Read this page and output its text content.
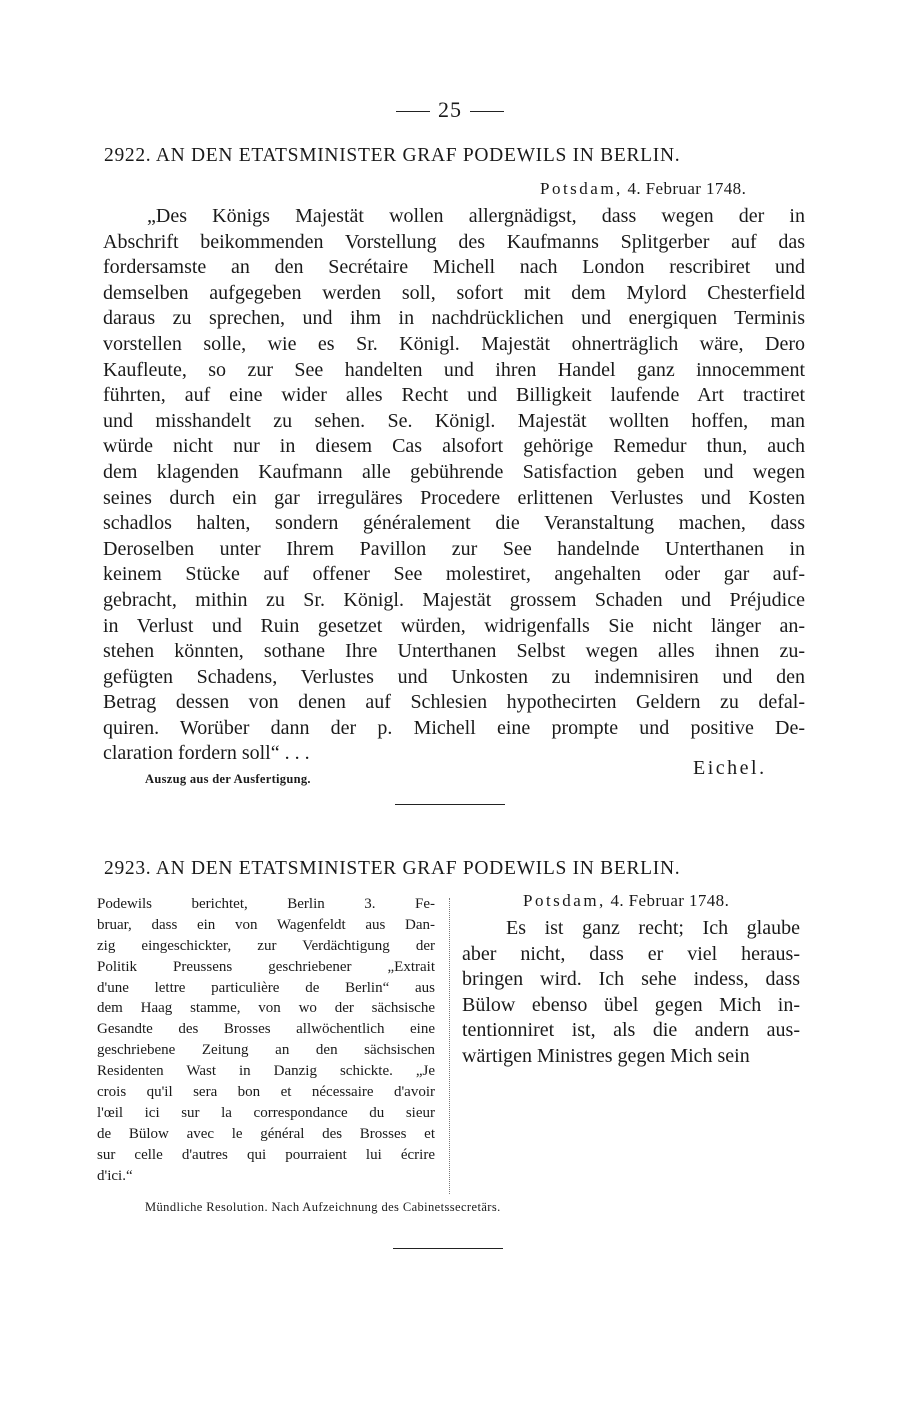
25
2922. AN DEN ETATSMINISTER GRAF PODEWILS IN BERLIN.
Potsdam, 4. Februar 1748.
„Des Königs Majestät wollen allergnädigst, dass wegen der in
Abschrift beikommenden Vorstellung des Kaufmanns Splitgerber auf das
fordersamste an den Secrétaire Michell nach London rescribiret und
demselben aufgegeben werden soll, sofort mit dem Mylord Chesterfield
daraus zu sprechen, und ihm in nachdrücklichen und energiquen Terminis
vorstellen solle, wie es Sr. Königl. Majestät ohnerträglich wäre, Dero
Kaufleute, so zur See handelten und ihren Handel ganz innocemment
führten, auf eine wider alles Recht und Billigkeit laufende Art tractiret
und misshandelt zu sehen. Se. Königl. Majestät wollten hoffen, man
würde nicht nur in diesem Cas alsofort gehörige Remedur thun, auch
dem klagenden Kaufmann alle gebührende Satisfaction geben und wegen
seines durch ein gar irreguläres Procedere erlittenen Verlustes und Kosten
schadlos halten, sondern généralement die Veranstaltung machen, dass
Deroselben unter Ihrem Pavillon zur See handelnde Unterthanen in
keinem Stücke auf offener See molestiret, angehalten oder gar auf-
gebracht, mithin zu Sr. Königl. Majestät grossem Schaden und Préjudice
in Verlust und Ruin gesetzet würden, widrigenfalls Sie nicht länger an-
stehen könnten, sothane Ihre Unterthanen Selbst wegen alles ihnen zu-
gefügten Schadens, Verlustes und Unkosten zu indemnisiren und den
Betrag dessen von denen auf Schlesien hypothecirten Geldern zu defal-
quiren. Worüber dann der p. Michell eine prompte und positive De-
claration fordern soll“ . . .
Eichel.
Auszug aus der Ausfertigung.
2923. AN DEN ETATSMINISTER GRAF PODEWILS IN BERLIN.
Podewils berichtet, Berlin 3. Fe-
bruar, dass ein von Wagenfeldt aus Dan-
zig eingeschickter, zur Verdächtigung der
Politik Preussens geschriebener „Extrait
d'une lettre particulière de Berlin“ aus
dem Haag stamme, von wo der sächsische
Gesandte des Brosses allwöchentlich eine
geschriebene Zeitung an den sächsischen
Residenten Wast in Danzig schickte. „Je
crois qu'il sera bon et nécessaire d'avoir
l'œil ici sur la correspondance du sieur
de Bülow avec le général des Brosses et
sur celle d'autres qui pourraient lui écrire
d'ici.“
Potsdam, 4. Februar 1748.
Es ist ganz recht; Ich glaube
aber nicht, dass er viel heraus-
bringen wird. Ich sehe indess, dass
Bülow ebenso übel gegen Mich in-
tentionniret ist, als die andern aus-
wärtigen Ministres gegen Mich sein
Mündliche Resolution. Nach Aufzeichnung des Cabinetssecretärs.
